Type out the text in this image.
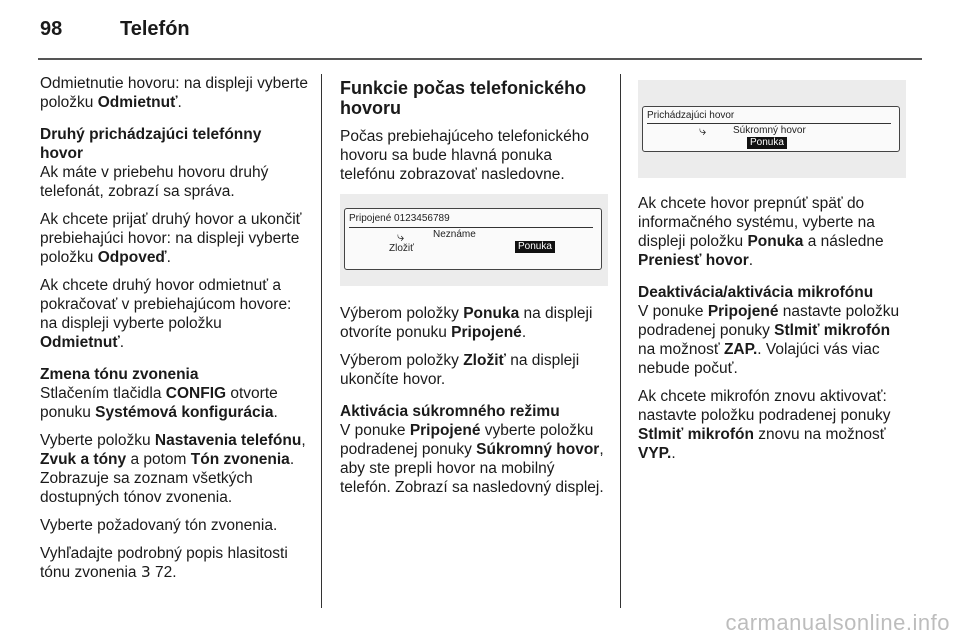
98	Telefón

Odmietnutie hovoru: na displeji vyberte položku Odmietnuť.

Druhý prichádzajúci telefónny hovor

Ak máte v priebehu hovoru druhý telefonát, zobrazí sa správa.

Ak chcete prijať druhý hovor a ukončiť prebiehajúci hovor: na displeji vyberte položku Odpoveď.

Ak chcete druhý hovor odmietnuť a pokračovať v prebiehajúcom hovore: na displeji vyberte položku Odmietnuť.

Zmena tónu zvonenia

Stlačením tlačidla CONFIG otvorte ponuku Systémová konfigurácia.

Vyberte položku Nastavenia telefónu, Zvuk a tóny a potom Tón zvonenia. Zobrazuje sa zoznam všetkých dostupných tónov zvonenia.

Vyberte požadovaný tón zvonenia.

Vyhľadajte podrobný popis hlasitosti tónu zvonenia 3 72.

Funkcie počas telefonického hovoru

Počas prebiehajúceho telefonického hovoru sa bude hlavná ponuka telefónu zobrazovať nasledovne.

Pripojené 0123456789
⤷	Neznáme
Zložiť	Ponuka

Výberom položky Ponuka na displeji otvoríte ponuku Pripojené.

Výberom položky Zložiť na displeji ukončíte hovor.

Aktivácia súkromného režimu

V ponuke Pripojené vyberte položku podradenej ponuky Súkromný hovor, aby ste prepli hovor na mobilný telefón. Zobrazí sa nasledovný displej.

Prichádzajúci hovor
⤷	Súkromný hovor
Ponuka

Ak chcete hovor prepnúť späť do informačného systému, vyberte na displeji položku Ponuka a následne Preniesť hovor.

Deaktivácia/aktivácia mikrofónu

V ponuke Pripojené nastavte položku podradenej ponuky Stlmiť mikrofón na možnosť ZAP.. Volajúci vás viac nebude počuť.

Ak chcete mikrofón znovu aktivovať: nastavte položku podradenej ponuky Stlmiť mikrofón znovu na možnosť VYP..

carmanualsonline.info
